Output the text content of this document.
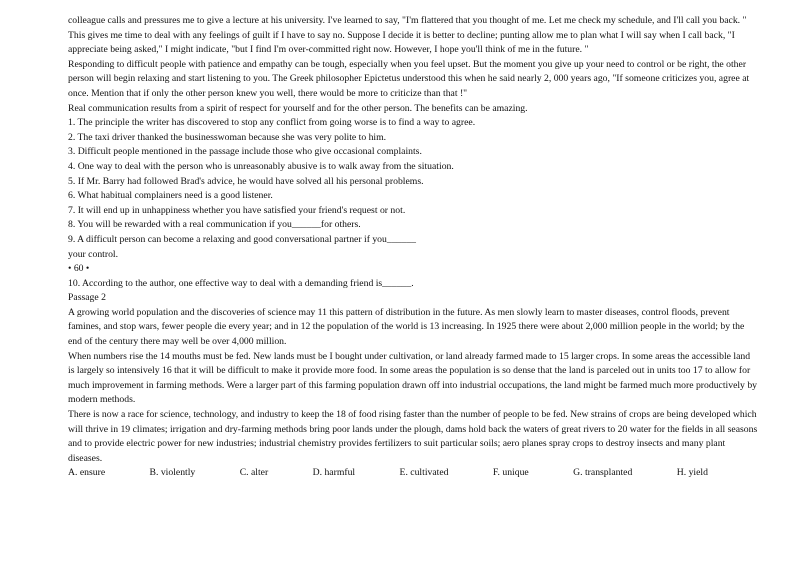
colleague calls and pressures me to give a lecture at his university. I've learned to say, "I'm flattered that you thought of me. Let me check my schedule, and I'll call you back. "

This gives me time to deal with any feelings of guilt if I have to say no. Suppose I decide it is better to decline; punting allow me to plan what I will say when I call back, "I appreciate being asked," I might indicate, "but I find I'm over-committed right now. However, I hope you'll think of me in the future. "

Responding to difficult people with patience and empathy can be tough, especially when you feel upset. But the moment you give up your need to control or be right, the other person will begin relaxing and start listening to you. The Greek philosopher Epictetus understood this when he said nearly 2, 000 years ago, "If someone criticizes you, agree at once. Mention that if only the other person knew you well, there would be more to criticize than that !"

Real communication results from a spirit of respect for yourself and for the other person. The benefits can be amazing.

1. The principle the writer has discovered to stop any conflict from going worse is to find a way to agree.

2. The taxi driver thanked the businesswoman because she was very polite to him.

3. Difficult people mentioned in the passage include those who give occasional complaints.

4. One way to deal with the person who is unreasonably abusive is to walk away from the situation.

5. If Mr. Barry had followed Brad's advice, he would have solved all his personal problems.

6. What habitual complainers need is a good listener.

7. It will end up in unhappiness whether you have satisfied your friend's request or not.

8. You will be rewarded with a real communication if you______for others.

9. A difficult person can become a relaxing and good conversational partner if you______

your control.

• 60 •

10. According to the author, one effective way to deal with a demanding friend is______.

Passage 2

A growing world population and the discoveries of science may 11 this pattern of distribution in the future. As men slowly learn to master diseases, control floods, prevent famines, and stop wars, fewer people die every year; and in 12 the population of the world is 13 increasing. In 1925 there were about 2,000 million people in the world; by the end of the century there may well be over 4,000 million.

When numbers rise the 14 mouths must be fed. New lands must be I bought under cultivation, or land already farmed made to 15 larger crops. In some areas the accessible land is largely so intensively 16 that it will be difficult to make it provide more food. In some areas the population is so dense that the land is parceled out in units too 17 to allow for much improvement in farming methods. Were a larger part of this farming population drawn off into industrial occupations, the land might be farmed much more productively by modern methods.

There is now a race for science, technology, and industry to keep the 18 of food rising faster than the number of people to be fed. New strains of crops are being developed which will thrive in 19 climates; irrigation and dry-farming methods bring poor lands under the plough, dams hold back the waters of great rivers to 20 water for the fields in all seasons and to provide electric power for new industries; industrial chemistry provides fertilizers to suit particular soils; aero planes spray crops to destroy insects and many plant diseases.

A. ensure	B. violently	C. alter	D. harmful	E. cultivated	F. unique	G. transplanted	H. yield
